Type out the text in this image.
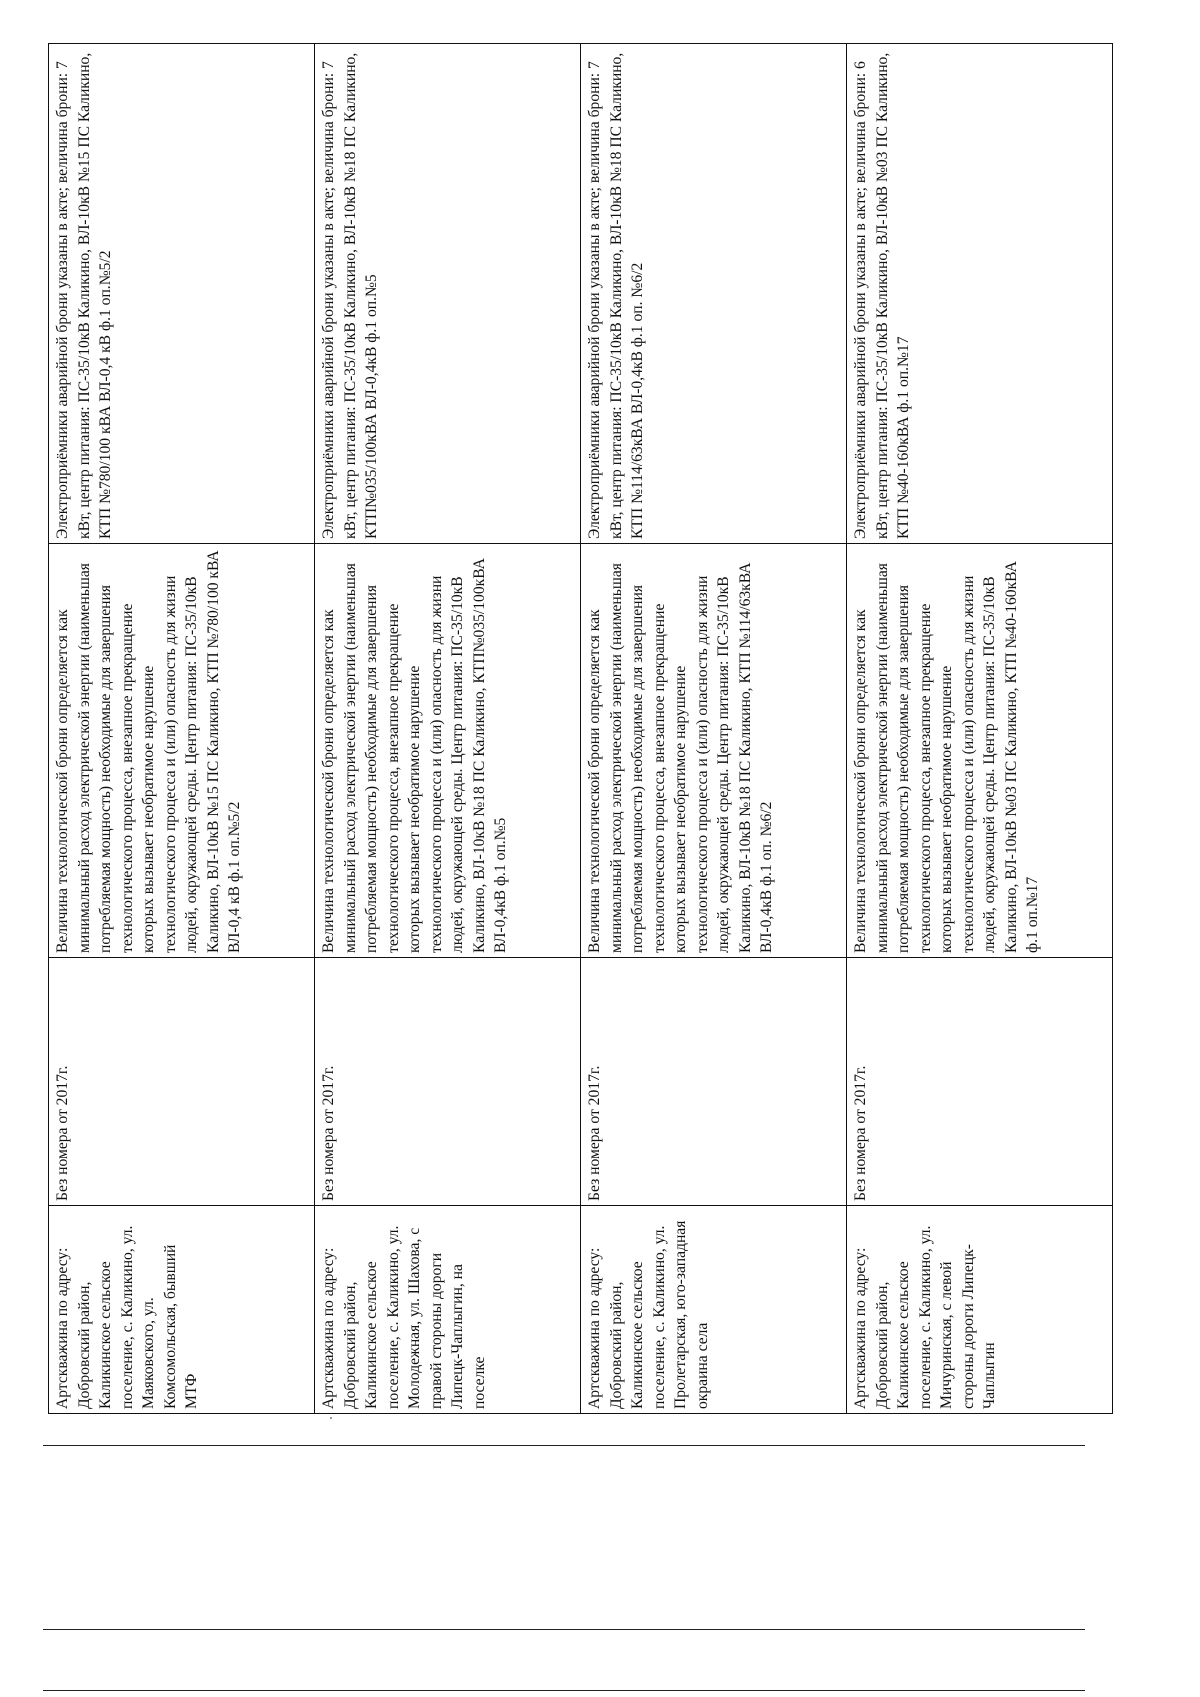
Артскважина по адресу: Добровский район, Каликинское сельское поселение, с. Каликино, ул. Маяковского, ул. Комсомольская, бывший МТФ	Без номера от 2017г.	Величина технологической брони определяется как минимальный расход электрической энергии (наименьшая потребляемая мощность) необходимые для завершения технологического процесса, внезапное прекращение которых вызывает необратимое нарушение технологического процесса и (или) опасность для жизни людей, окружающей среды. Центр питания: ПС-35/10кВ Каликино, ВЛ-10кВ №15 ПС Каликино, КТП №780/100 кВА ВЛ-0,4 кВ ф.1 оп.№5/2	Электроприёмники аварийной брони указаны в акте; величина брони: 7 кВт, центр питания: ПС-35/10кВ Каликино, ВЛ-10кВ №15 ПС Каликино, КТП №780/100 кВА ВЛ-0,4 кВ ф.1 оп.№5/2
Артскважина по адресу: Добровский район, Каликинское сельское поселение, с. Каликино, ул. Молодежная, ул. Шахова, с правой стороны дороги Липецк-Чаплыгин, на поселке	Без номера от 2017г.	Величина технологической брони определяется как минимальный расход электрической энергии (наименьшая потребляемая мощность) необходимые для завершения технологического процесса, внезапное прекращение которых вызывает необратимое нарушение технологического процесса и (или) опасность для жизни людей, окружающей среды. Центр питания: ПС-35/10кВ Каликино, ВЛ-10кВ №18 ПС Каликино, КТП№035/100кВА ВЛ-0,4кВ ф.1 оп.№5	Электроприёмники аварийной брони указаны в акте; величина брони: 7 кВт, центр питания: ПС-35/10кВ Каликино, ВЛ-10кВ №18 ПС Каликино, КТП№035/100кВА ВЛ-0,4кВ ф.1 оп.№5
Артскважина по адресу: Добровский район, Каликинское сельское поселение, с. Каликино, ул. Пролетарская, юго-западная окраина села	Без номера от 2017г.	Величина технологической брони определяется как минимальный расход электрической энергии (наименьшая потребляемая мощность) необходимые для завершения технологического процесса, внезапное прекращение которых вызывает необратимое нарушение технологического процесса и (или) опасность для жизни людей, окружающей среды. Центр питания: ПС-35/10кВ Каликино, ВЛ-10кВ №18 ПС Каликино, КТП №114/63кВА ВЛ-0,4кВ ф.1 оп. №6/2	Электроприёмники аварийной брони указаны в акте; величина брони: 7 кВт, центр питания: ПС-35/10кВ Каликино, ВЛ-10кВ №18 ПС Каликино, КТП №114/63кВА ВЛ-0,4кВ ф.1 оп. №6/2
Артскважина по адресу: Добровский район, Каликинское сельское поселение, с. Каликино, ул. Мичуринская, с левой стороны дороги Липецк-Чаплыгин	Без номера от 2017г.	Величина технологической брони определяется как минимальный расход электрической энергии (наименьшая потребляемая мощность) необходимые для завершения технологического процесса, внезапное прекращение которых вызывает необратимое нарушение технологического процесса и (или) опасность для жизни людей, окружающей среды. Центр питания: ПС-35/10кВ Каликино, ВЛ-10кВ №03 ПС Каликино, КТП №40-160кВА ф.1 оп.№17	Электроприёмники аварийной брони указаны в акте; величина брони: 6 кВт, центр питания: ПС-35/10кВ Каликино, ВЛ-10кВ №03 ПС Каликино, КТП №40-160кВА ф.1 оп.№17
